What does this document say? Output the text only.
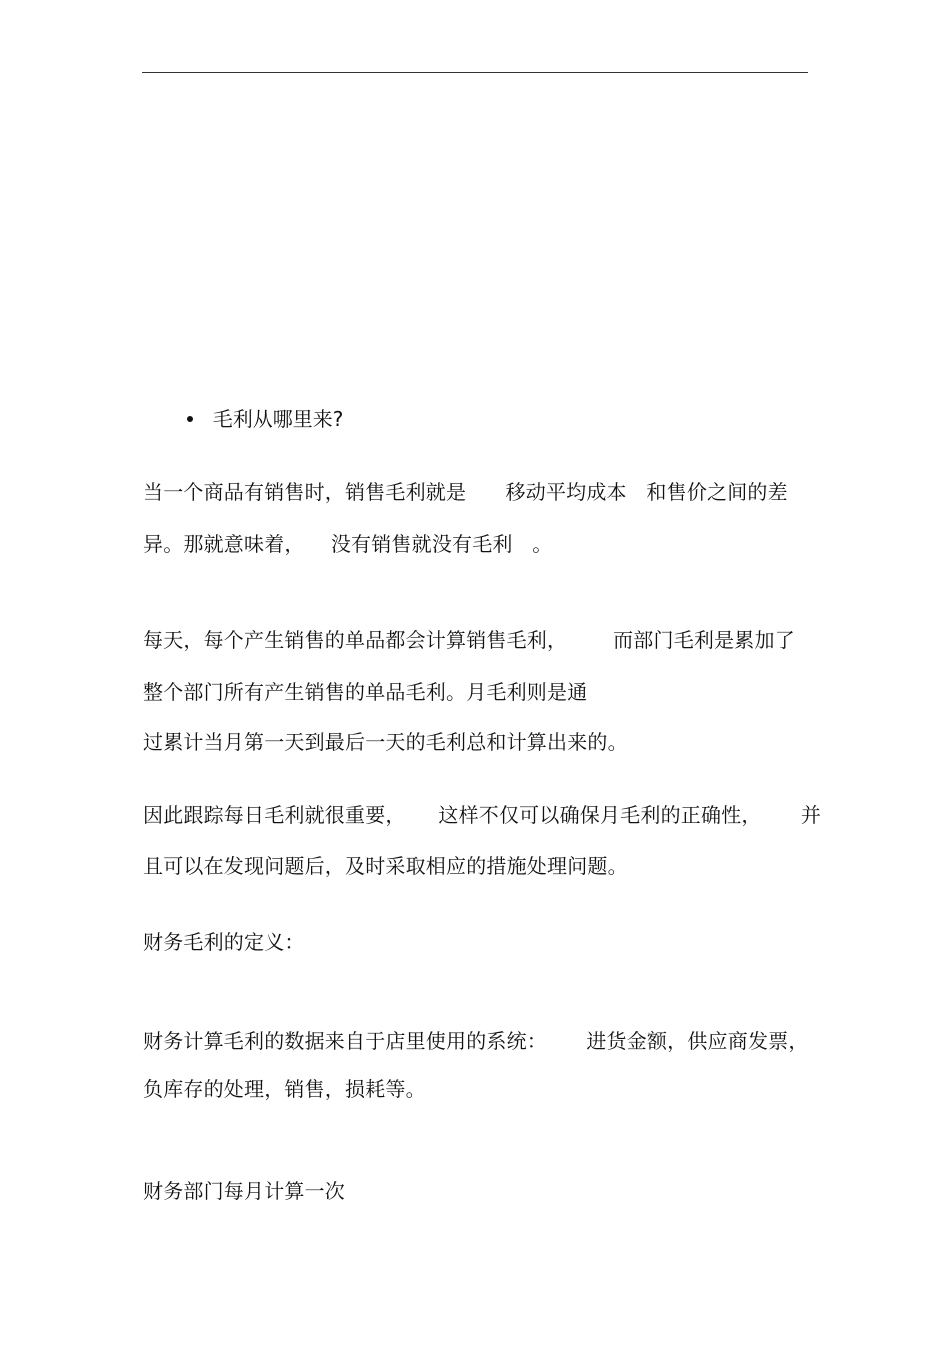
毛利从哪里来?

当一个商品有销售时，销售毛利就是      移动平均成本   和售价之间的差
异。那就意味着，    没有销售就没有毛利   。
每天，每个产生销售的单品都会计算销售毛利，       而部门毛利是累加了
整个部门所有产生销售的单品毛利。月毛利则是通
过累计当月第一天到最后一天的毛利总和计算出来的。
因此跟踪每日毛利就很重要，     这样不仅可以确保月毛利的正确性，      并
且可以在发现问题后，及时采取相应的措施处理问题。
财务毛利的定义：
财务计算毛利的数据来自于店里使用的系统：      进货金额，供应商发票，
负库存的处理，销售，损耗等。
财务部门每月计算一次
